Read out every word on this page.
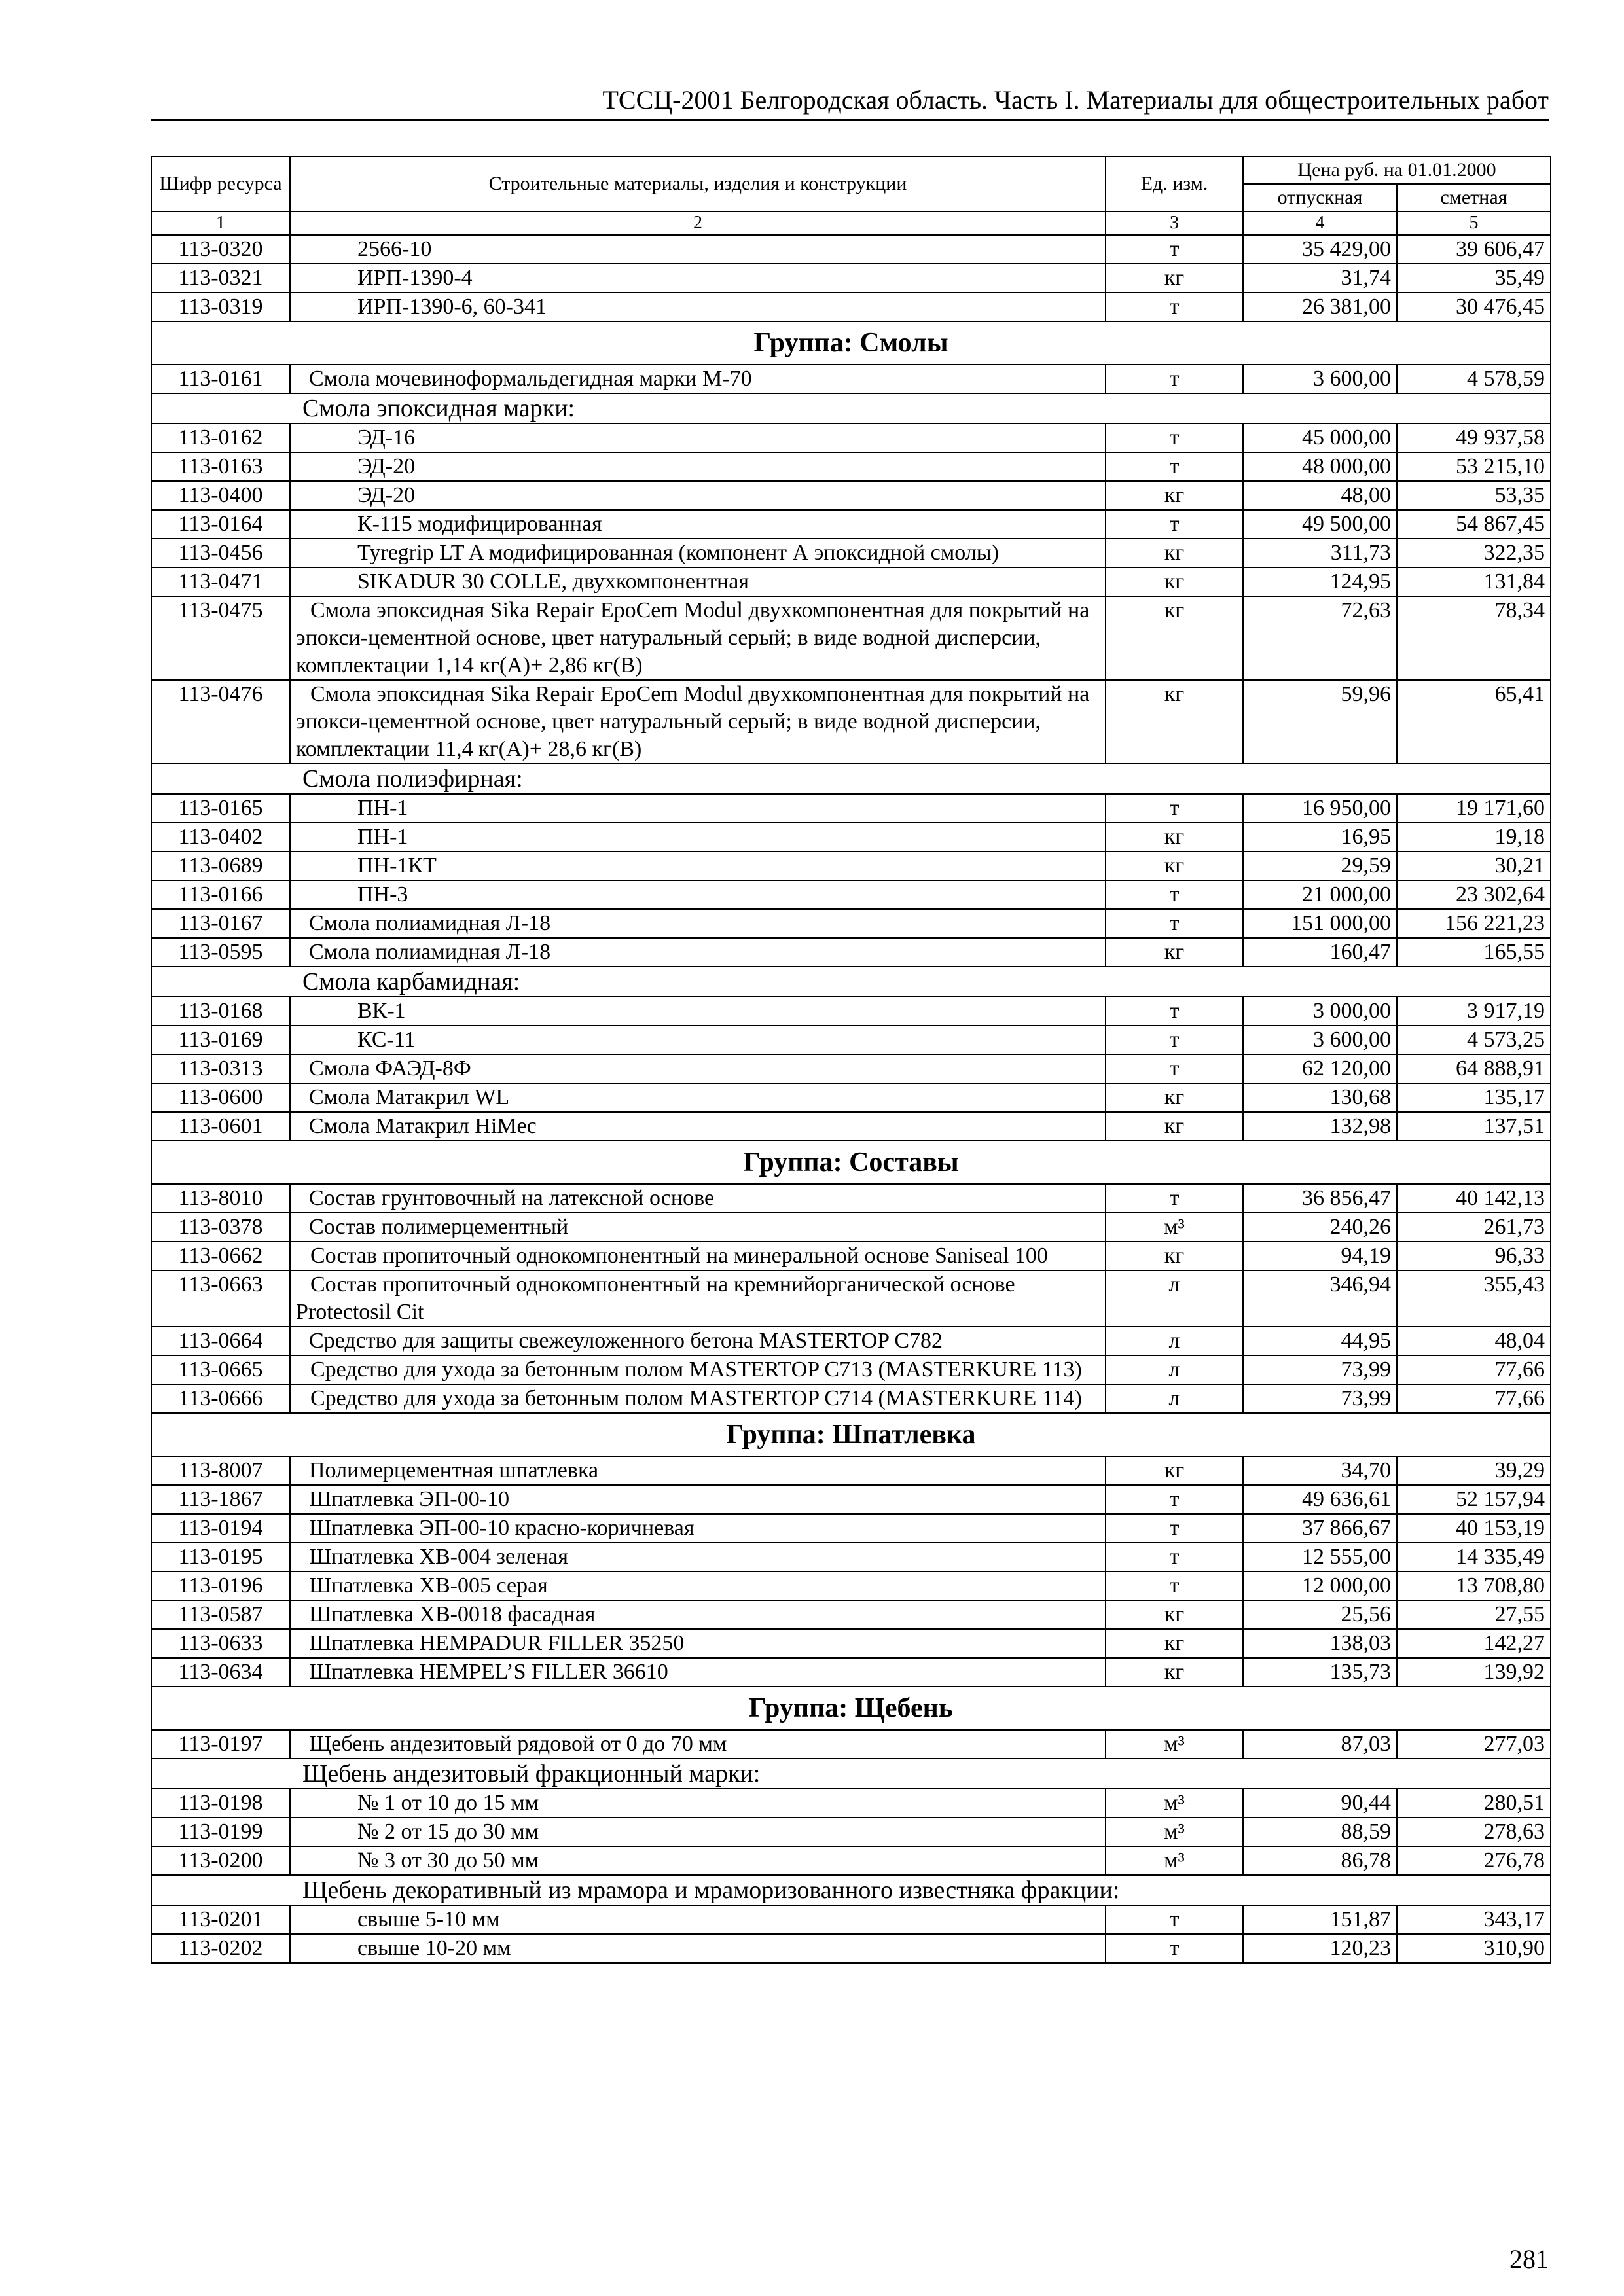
ТССЦ-2001 Белгородская область. Часть I. Материалы для общестроительных работ
Шифр ресурса	Строительные материалы, изделия и конструкции	Ед. изм.	Цена руб. на 01.01.2000	
			отпускная	сметная
1	2	3	4	5
113-0320	2566-10	т	35 429,00	39 606,47
113-0321	ИРП-1390-4	кг	31,74	35,49
113-0319	ИРП-1390-6, 60-341	т	26 381,00	30 476,45
Группа: Смолы				
113-0161	Смола мочевиноформальдегидная марки М-70	т	3 600,00	4 578,59
Смола эпоксидная марки:				
113-0162	ЭД-16	т	45 000,00	49 937,58
113-0163	ЭД-20	т	48 000,00	53 215,10
113-0400	ЭД-20	кг	48,00	53,35
113-0164	К-115 модифицированная	т	49 500,00	54 867,45
113-0456	Tyregrip LT A модифицированная (компонент А эпоксидной смолы)	кг	311,73	322,35
113-0471	SIKADUR 30 COLLE, двухкомпонентная	кг	124,95	131,84
113-0475	Смола эпоксидная Sika Repair EpoCem Modul двухкомпонентная для покрытий на эпокси-цементной основе, цвет натуральный серый; в виде водной дисперсии, комплектации 1,14 кг(А)+ 2,86 кг(В)	кг	72,63	78,34
113-0476	Смола эпоксидная Sika Repair EpoCem Modul двухкомпонентная для покрытий на эпокси-цементной основе, цвет натуральный серый; в виде водной дисперсии, комплектации 11,4 кг(А)+ 28,6 кг(В)	кг	59,96	65,41
Смола полиэфирная:				
113-0165	ПН-1	т	16 950,00	19 171,60
113-0402	ПН-1	кг	16,95	19,18
113-0689	ПН-1КТ	кг	29,59	30,21
113-0166	ПН-3	т	21 000,00	23 302,64
113-0167	Смола полиамидная Л-18	т	151 000,00	156 221,23
113-0595	Смола полиамидная Л-18	кг	160,47	165,55
Смола карбамидная:				
113-0168	ВК-1	т	3 000,00	3 917,19
113-0169	КС-11	т	3 600,00	4 573,25
113-0313	Смола ФАЭД-8Ф	т	62 120,00	64 888,91
113-0600	Смола Матакрил WL	кг	130,68	135,17
113-0601	Смола Матакрил HiMec	кг	132,98	137,51
Группа: Составы				
113-8010	Состав грунтовочный на латексной основе	т	36 856,47	40 142,13
113-0378	Состав полимерцементный	м³	240,26	261,73
113-0662	Состав пропиточный однокомпонентный на минеральной основе Saniseal 100	кг	94,19	96,33
113-0663	Состав пропиточный однокомпонентный на кремнийорганической основе Protectosil Cit	л	346,94	355,43
113-0664	Средство для защиты свежеуложенного бетона MASTERTOP C782	л	44,95	48,04
113-0665	Средство для ухода за бетонным полом MASTERTOP C713 (MASTERKURE 113)	л	73,99	77,66
113-0666	Средство для ухода за бетонным полом MASTERTOP C714 (MASTERKURE 114)	л	73,99	77,66
Группа: Шпатлевка				
113-8007	Полимерцементная шпатлевка	кг	34,70	39,29
113-1867	Шпатлевка ЭП-00-10	т	49 636,61	52 157,94
113-0194	Шпатлевка ЭП-00-10 красно-коричневая	т	37 866,67	40 153,19
113-0195	Шпатлевка ХВ-004 зеленая	т	12 555,00	14 335,49
113-0196	Шпатлевка ХВ-005 серая	т	12 000,00	13 708,80
113-0587	Шпатлевка ХВ-0018 фасадная	кг	25,56	27,55
113-0633	Шпатлевка HEMPADUR FILLER 35250	кг	138,03	142,27
113-0634	Шпатлевка HEMPEL’S FILLER 36610	кг	135,73	139,92
Группа: Щебень				
113-0197	Щебень андезитовый рядовой от 0 до 70 мм	м³	87,03	277,03
Щебень андезитовый фракционный марки:				
113-0198	№ 1 от 10 до 15 мм	м³	90,44	280,51
113-0199	№ 2 от 15 до 30 мм	м³	88,59	278,63
113-0200	№ 3 от 30 до 50 мм	м³	86,78	276,78
Щебень декоративный из мрамора и мраморизованного известняка фракции:				
113-0201	свыше 5-10 мм	т	151,87	343,17
113-0202	свыше 10-20 мм	т	120,23	310,90
281
